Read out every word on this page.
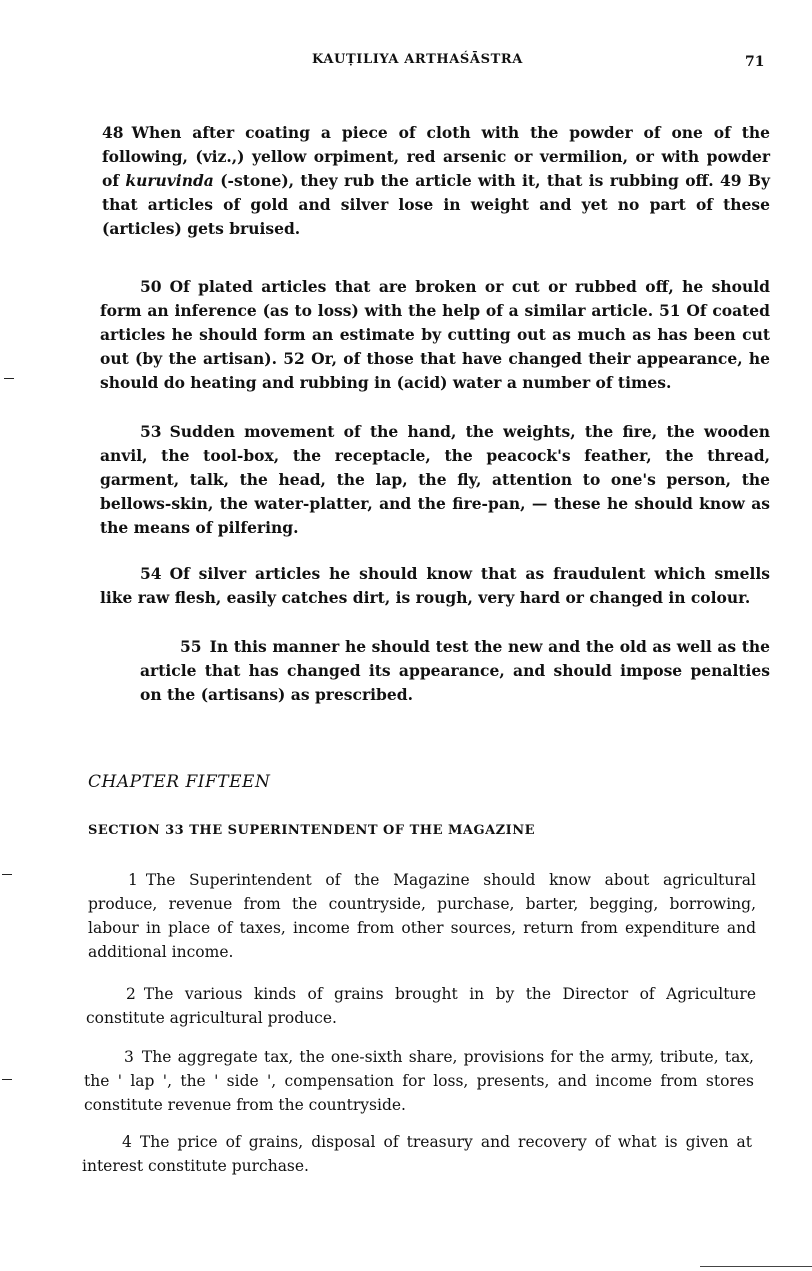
KAUṬILIYA ARTHAŚĀSTRA	71

48 When after coating a piece of cloth with the powder of one of the following, (viz.,) yellow orpiment, red arsenic or vermilion, or with powder of kuruvinda (-stone), they rub the article with it, that is rubbing off. 49 By that articles of gold and silver lose in weight and yet no part of these (articles) gets bruised.

50 Of plated articles that are broken or cut or rubbed off, he should form an inference (as to loss) with the help of a similar article. 51 Of coated articles he should form an estimate by cutting out as much as has been cut out (by the artisan). 52 Or, of those that have changed their appearance, he should do heating and rubbing in (acid) water a number of times.

53 Sudden movement of the hand, the weights, the fire, the wooden anvil, the tool-box, the receptacle, the peacock's feather, the thread, garment, talk, the head, the lap, the fly, attention to one's person, the bellows-skin, the water-platter, and the fire-pan, — these he should know as the means of pilfering.

54 Of silver articles he should know that as fraudulent which smells like raw flesh, easily catches dirt, is rough, very hard or changed in colour.

55 In this manner he should test the new and the old as well as the article that has changed its appearance, and should impose penalties on the (artisans) as prescribed.

CHAPTER FIFTEEN
SECTION 33 THE SUPERINTENDENT OF THE MAGAZINE

1 The Superintendent of the Magazine should know about agricultural produce, revenue from the countryside, purchase, barter, begging, borrowing, labour in place of taxes, income from other sources, return from expenditure and additional income.

2 The various kinds of grains brought in by the Director of Agriculture constitute agricultural produce.

3 The aggregate tax, the one-sixth share, provisions for the army, tribute, tax, the ' lap ', the ' side ', compensation for loss, presents, and income from stores constitute revenue from the countryside.

4 The price of grains, disposal of treasury and recovery of what is given at interest constitute purchase.
